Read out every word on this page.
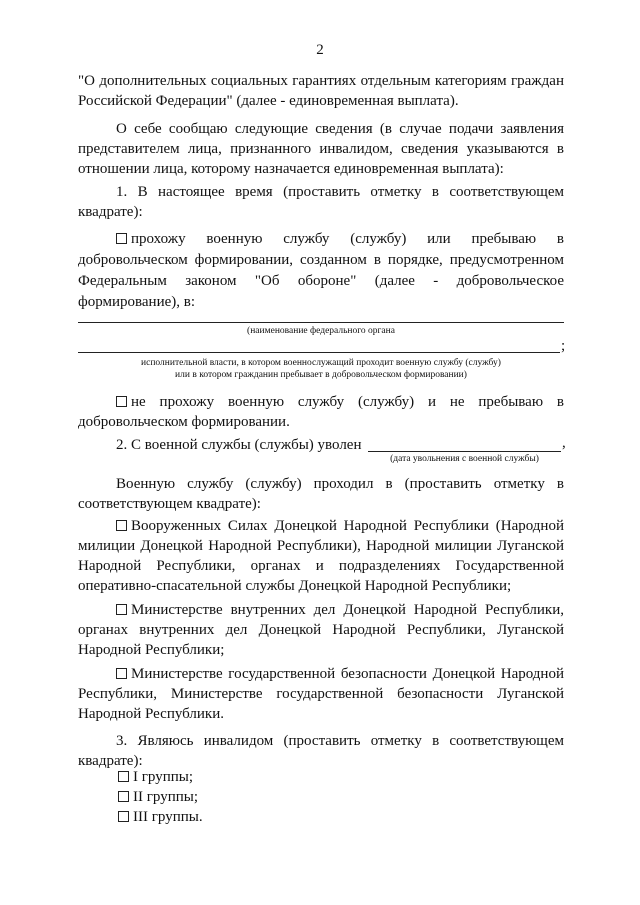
2
"О дополнительных социальных гарантиях отдельным категориям граждан Российской Федерации" (далее - единовременная выплата).
О себе сообщаю следующие сведения (в случае подачи заявления представителем лица, признанного инвалидом, сведения указываются в отношении лица, которому назначается единовременная выплата):
1. В настоящее время (проставить отметку в соответствующем квадрате):
прохожу военную службу (службу) или пребываю в добровольческом формировании, созданном в порядке, предусмотренном Федеральным законом "Об обороне" (далее - добровольческое формирование), в:
(наименование федерального органа
;
исполнительной власти, в котором военнослужащий проходит военную службу (службу)
или в котором гражданин пребывает в добровольческом формировании)
не прохожу военную службу (службу) и не пребываю в добровольческом формировании.
2. С военной службы (службы) уволен	,
(дата увольнения с военной службы)
Военную службу (службу) проходил в (проставить отметку в соответствующем квадрате):
Вооруженных Силах Донецкой Народной Республики (Народной милиции Донецкой Народной Республики), Народной милиции Луганской Народной Республики, органах и подразделениях Государственной оперативно-спасательной службы Донецкой Народной Республики;
Министерстве внутренних дел Донецкой Народной Республики, органах внутренних дел Донецкой Народной Республики, Луганской Народной Республики;
Министерстве государственной безопасности Донецкой Народной Республики, Министерстве государственной безопасности Луганской Народной Республики.
3. Являюсь инвалидом (проставить отметку в соответствующем квадрате):
I группы;
II группы;
III группы.
